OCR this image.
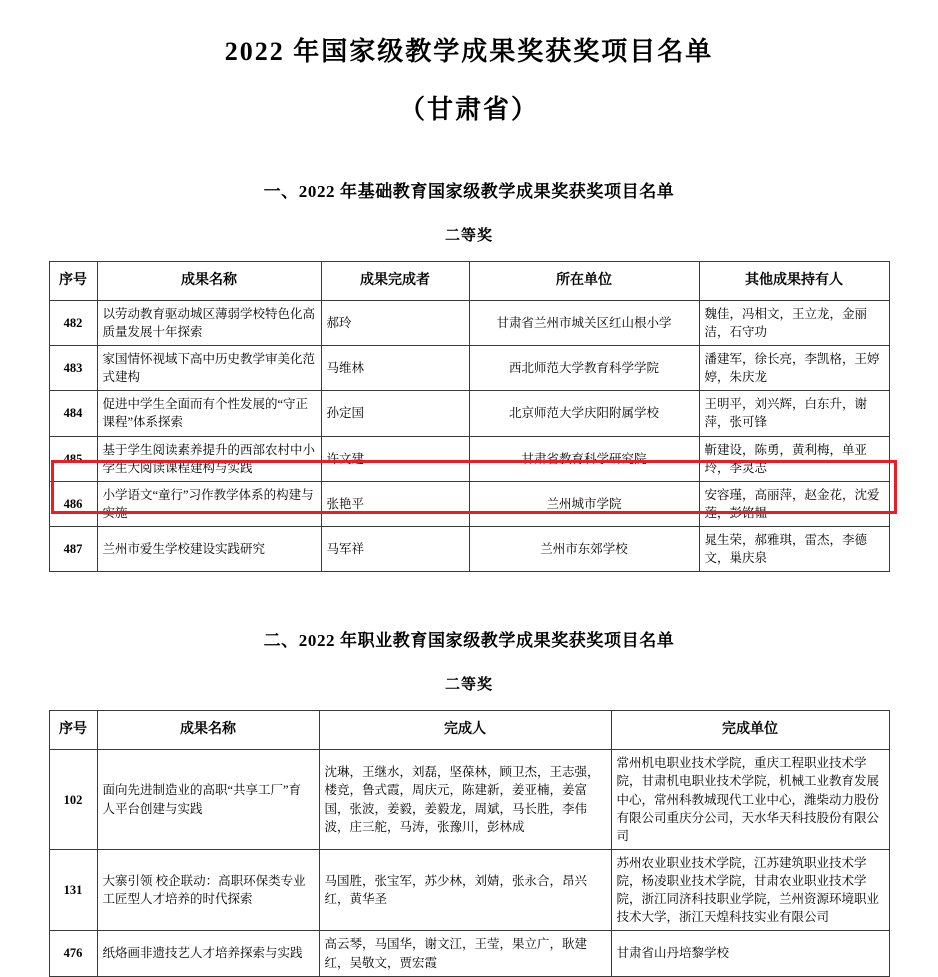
2022 年国家级教学成果奖获奖项目名单
（甘肃省）
一、2022 年基础教育国家级教学成果奖获奖项目名单
二等奖
序号	成果名称	成果完成者	所在单位	其他成果持有人
482	以劳动教育驱动城区薄弱学校特色化高质量发展十年探索	郝玲	甘肃省兰州市城关区红山根小学	魏佳，冯相文，王立龙，金丽洁，石守功
483	家国情怀视域下高中历史教学审美化范式建构	马维林	西北师范大学教育科学学院	潘建军，徐长亮，李凯格，王婷婷，朱庆龙
484	促进中学生全面而有个性发展的“守正课程”体系探索	孙定国	北京师范大学庆阳附属学校	王明平，刘兴辉，白东升，谢萍，张可锋
485	基于学生阅读素养提升的西部农村中小学生大阅读课程建构与实践	许文建	甘肃省教育科学研究院	靳建设，陈勇，黄利梅，单亚玲，李灵志
486	小学语文“童行”习作教学体系的构建与实施	张艳平	兰州城市学院	安容瑾，高丽萍，赵金花，沈爱莲，彭铭韫
487	兰州市爱生学校建设实践研究	马军祥	兰州市东郊学校	晁生荣，郝雅琪，雷杰，李德文，巢庆泉
二、2022 年职业教育国家级教学成果奖获奖项目名单
二等奖
序号	成果名称	完成人	完成单位
102	面向先进制造业的高职“共享工厂”育人平台创建与实践	沈琳，王继水，刘磊，坚葆林，顾卫杰，王志强，楼竞，鲁式霞，周庆元，陈建新，姜亚楠，姜富国，张波，姜毅，姜毅龙，周斌，马长胜，李伟波，庄三舵，马涛，张豫川，彭林成	常州机电职业技术学院，重庆工程职业技术学院，甘肃机电职业技术学院，机械工业教育发展中心，常州科教城现代工业中心，潍柴动力股份有限公司重庆分公司，天水华天科技股份有限公司
131	大寨引领 校企联动：高职环保类专业工匠型人才培养的时代探索	马国胜，张宝军，苏少林，刘婧，张永合，昂兴红，黄华圣	苏州农业职业技术学院，江苏建筑职业技术学院，杨凌职业技术学院，甘肃农业职业技术学院，浙江同济科技职业学院，兰州资源环境职业技术大学，浙江天煌科技实业有限公司
476	纸烙画非遗技艺人才培养探索与实践	高云琴，马国华，谢文江，王莹，果立广，耿建红，吴敬文，贾宏霞	甘肃省山丹培黎学校
